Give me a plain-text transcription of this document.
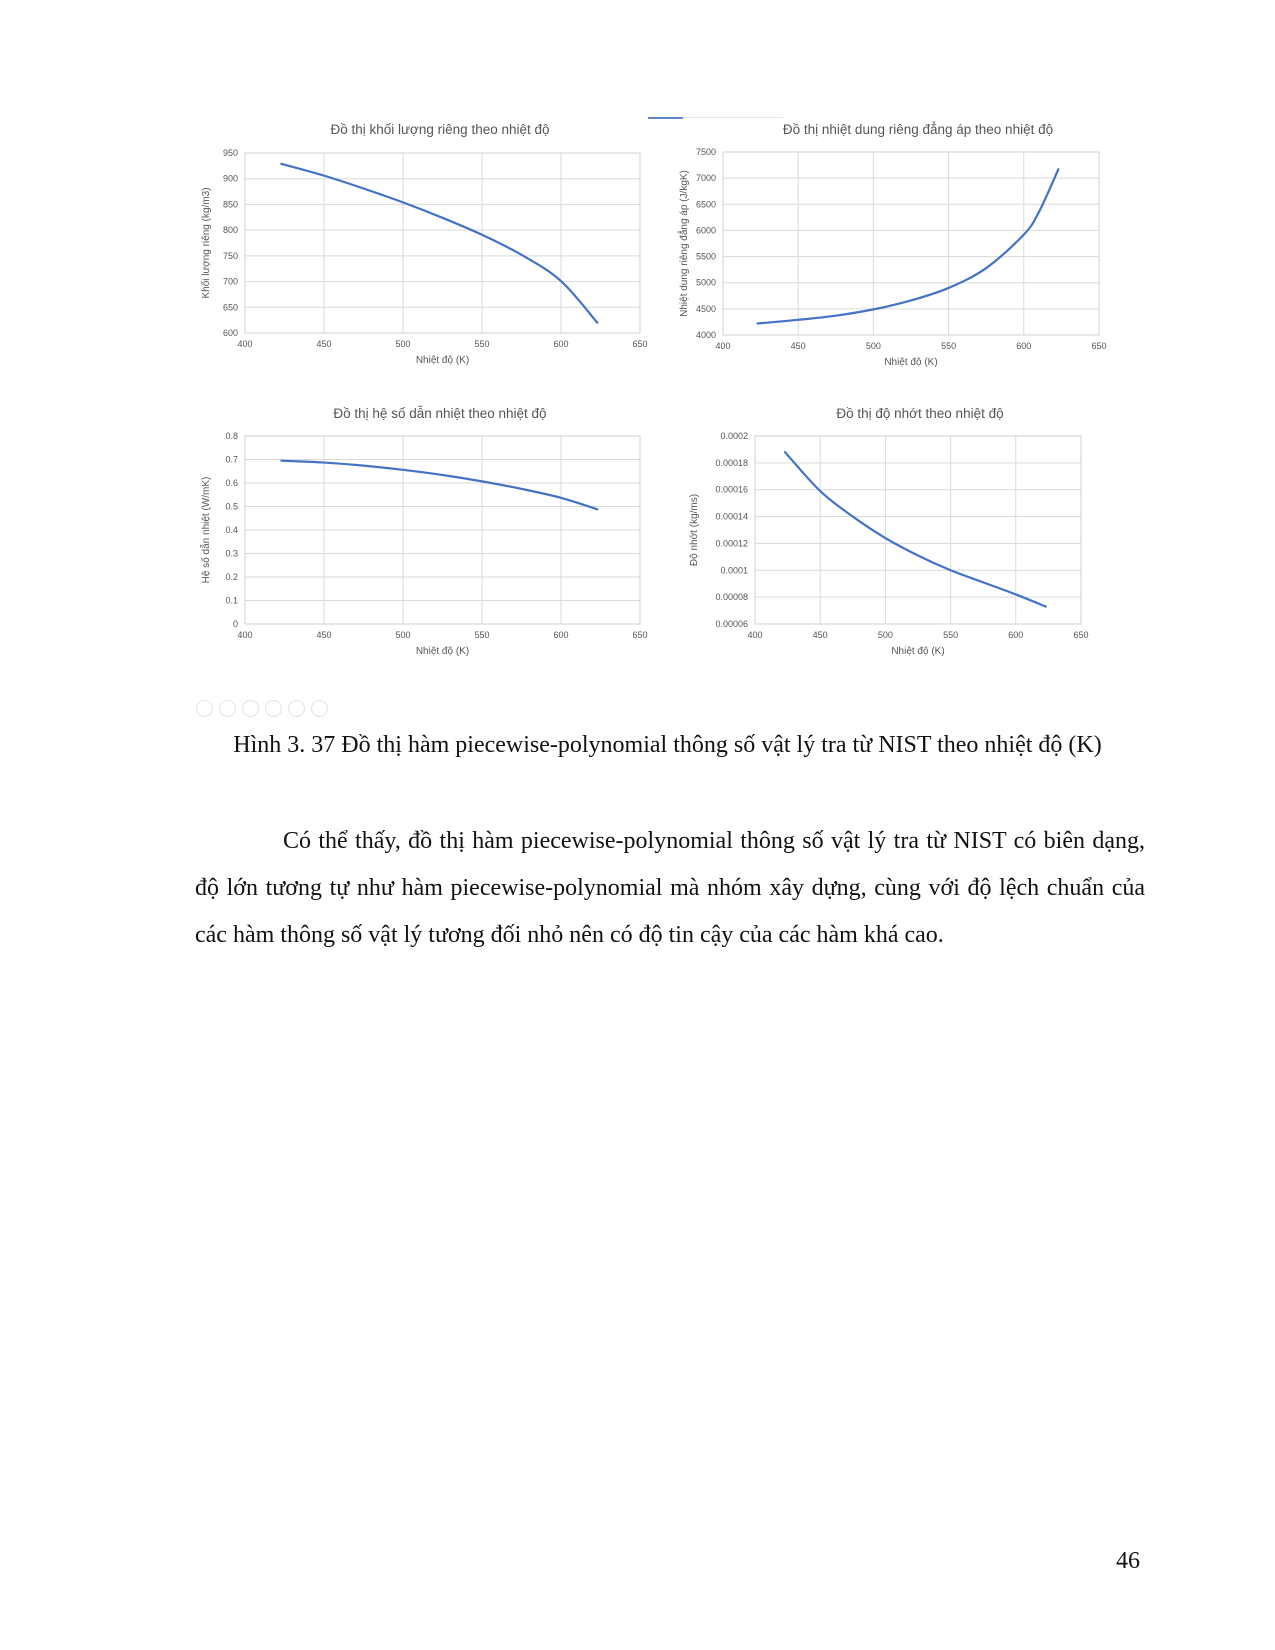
Đồ thị khối lượng riêng theo nhiệt độ
600
650
700
750
800
850
900
950
400	450	500	550	600	650
Nhiệt độ (K)
Khối lượng riêng (kg/m3)
Đồ thị nhiệt dung riêng đẳng áp theo nhiệt độ
4000
4500
5000
5500
6000
6500
7000
7500
400	450	500	550	600	650
Nhiệt độ (K)
Nhiệt dung riêng đẳng áp (J/kgK)
Đồ thị hệ số dẫn nhiệt theo nhiệt độ
0
0.1
0.2
0.3
0.4
0.5
0.6
0.7
0.8
400	450	500	550	600	650
Nhiệt độ (K)
Hệ số dẫn nhiệt (W/mK)
Đồ thị độ nhớt theo nhiệt độ
0.00006
0.00008
0.0001
0.00012
0.00014
0.00016
0.00018
0.0002
400	450	500	550	600	650
Nhiệt độ (K)
Độ nhớt (kg/ms)
Hình 3. 37 Đồ thị hàm piecewise-polynomial thông số vật lý tra từ NIST theo nhiệt độ (K)

Có thể thấy, đồ thị hàm piecewise-polynomial thông số vật lý tra từ NIST có biên dạng, độ lớn tương tự như hàm piecewise-polynomial mà nhóm xây dựng, cùng với độ lệch chuẩn của các hàm thông số vật lý tương đối nhỏ nên có độ tin cậy của các hàm khá cao.

46
